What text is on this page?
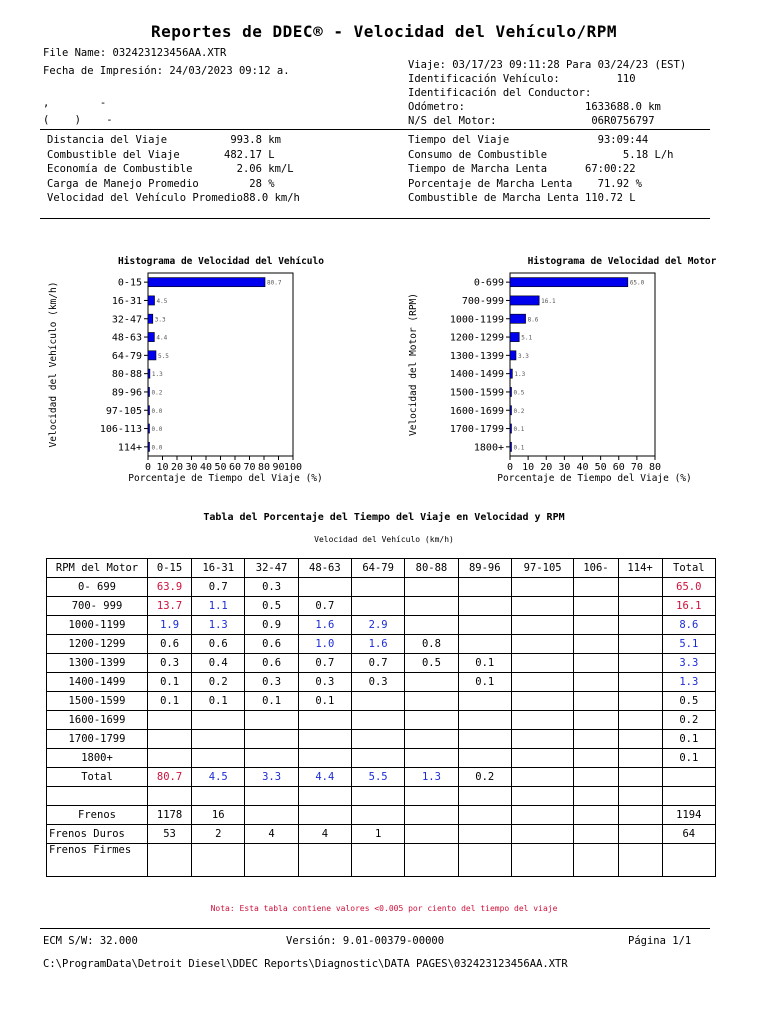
Reportes de DDEC® - Velocidad del Vehículo/RPM
File Name: 032423123456AA.XTR
Fecha de Impresión: 24/03/2023 09:12 a.
,        -
(    )    -
Viaje: 03/17/23 09:11:28 Para 03/24/23 (EST)
Identificación Vehículo:         110
Identificación del Conductor:
Odómetro:                   1633688.0 km
N/S del Motor:               06R0756797
Distancia del Viaje          993.8 km
Combustible del Viaje       482.17 L
Economía de Combustible       2.06 km/L
Carga de Manejo Promedio        28 %
Velocidad del Vehículo Promedio88.0 km/h
Tiempo del Viaje              93:09:44
Consumo de Combustible            5.18 L/h
Tiempo de Marcha Lenta      67:00:22
Porcentaje de Marcha Lenta    71.92 %
Combustible de Marcha Lenta 110.72 L
Histograma de Velocidad del Vehículo
Velocidad del Vehículo (km/h)	0-15	80.7
16-31 4.5
32-47 3.3
48-63 4.4
64-79	5.5
80-88 1.3
89-96 0.2
97-105 0.0
106-113 0.0
114+ 0.0
0 10 20 30 40 50 60 70 80 90 100
Porcentaje de Tiempo del Viaje (%)
Histograma de Velocidad del Motor
Velocidad del Motor (RPM)
0-699	65.0
700-999	16.1
1000-1199	8.6
1200-1299	5.1
1300-1399 3.3
1400-1499 1.3
1500-1599 0.5
1600-1699 0.2
1700-1799 0.1
1800+ 0.1
0 10 20 30 40 50 60 70 80
Porcentaje de Tiempo del Viaje (%)
Tabla del Porcentaje del Tiempo del Viaje en Velocidad y RPM
Velocidad del Vehículo (km/h)
RPM del Motor	0-15	16-31	32-47	48-63	64-79	80-88	89-96	97-105	106-	114+	Total
0- 699	63.9	0.7	0.3								65.0
700- 999	13.7	1.1	0.5	0.7							16.1
1000-1199	1.9	1.3	0.9	1.6	2.9						8.6
1200-1299	0.6	0.6	0.6	1.0	1.6	0.8					5.1
1300-1399	0.3	0.4	0.6	0.7	0.7	0.5	0.1				3.3
1400-1499	0.1	0.2	0.3	0.3	0.3		0.1				1.3
1500-1599	0.1	0.1	0.1	0.1							0.5
1600-1699											0.2
1700-1799											0.1
1800+											0.1
Total	80.7	4.5	3.3	4.4	5.5	1.3	0.2				

Frenos	1178	16									1194
Frenos Duros	53	2	4	4	1						64
Frenos Firmes											
Nota: Esta tabla contiene valores <0.005 por ciento del tiempo del viaje
ECM S/W: 32.000	Versión: 9.01-00379-00000	Página 1/1
C:\ProgramData\Detroit Diesel\DDEC Reports\Diagnostic\DATA PAGES\032423123456AA.XTR
